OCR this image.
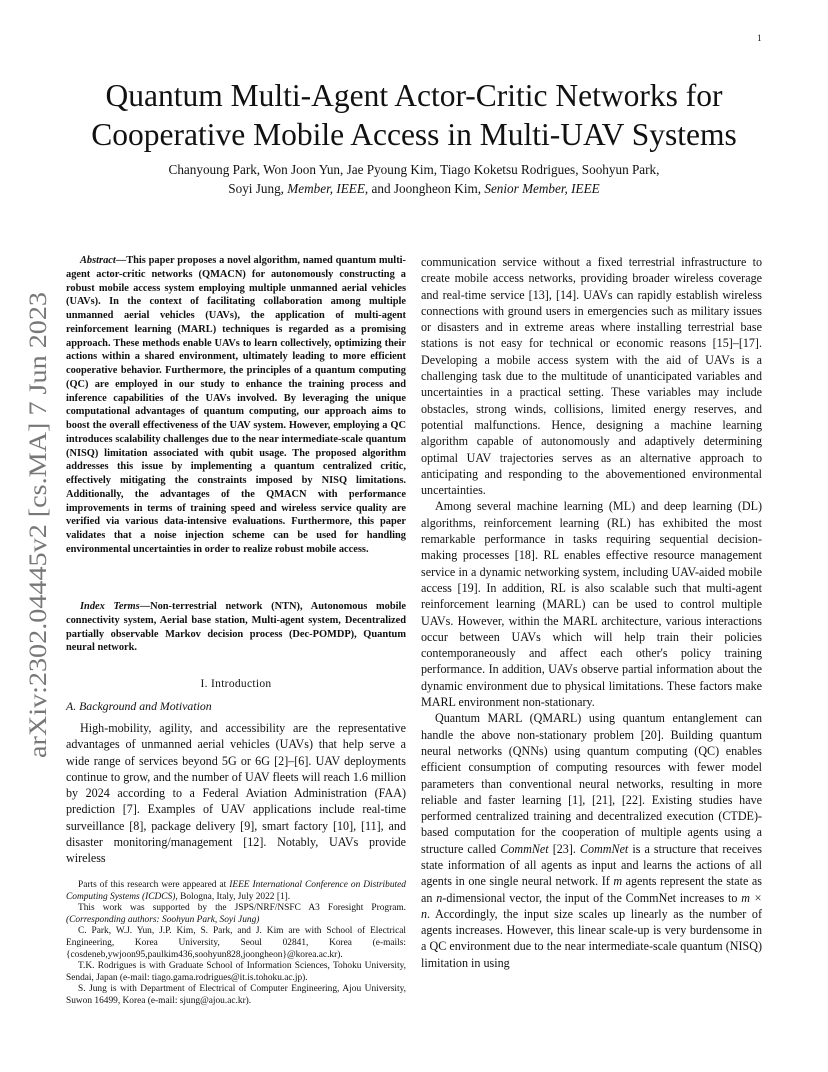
1
arXiv:2302.04445v2 [cs.MA] 7 Jun 2023
Quantum Multi-Agent Actor-Critic Networks for
Cooperative Mobile Access in Multi-UAV Systems
Chanyoung Park, Won Joon Yun, Jae Pyoung Kim, Tiago Koketsu Rodrigues, Soohyun Park,
Soyi Jung, Member, IEEE, and Joongheon Kim, Senior Member, IEEE

Abstract—This paper proposes a novel algorithm, named quantum multi-agent actor-critic networks (QMACN) for autonomously constructing a robust mobile access system employing multiple unmanned aerial vehicles (UAVs). In the context of facilitating collaboration among multiple unmanned aerial vehicles (UAVs), the application of multi-agent reinforcement learning (MARL) techniques is regarded as a promising approach. These methods enable UAVs to learn collectively, optimizing their actions within a shared environment, ultimately leading to more efficient cooperative behavior. Furthermore, the principles of a quantum computing (QC) are employed in our study to enhance the training process and inference capabilities of the UAVs involved. By leveraging the unique computational advantages of quantum computing, our approach aims to boost the overall effectiveness of the UAV system. However, employing a QC introduces scalability challenges due to the near intermediate-scale quantum (NISQ) limitation associated with qubit usage. The proposed algorithm addresses this issue by implementing a quantum centralized critic, effectively mitigating the constraints imposed by NISQ limitations. Additionally, the advantages of the QMACN with performance improvements in terms of training speed and wireless service quality are verified via various data-intensive evaluations. Furthermore, this paper validates that a noise injection scheme can be used for handling environmental uncertainties in order to realize robust mobile access.

Index Terms—Non-terrestrial network (NTN), Autonomous mobile connectivity system, Aerial base station, Multi-agent system, Decentralized partially observable Markov decision process (Dec-POMDP), Quantum neural network.

I. Introduction
A. Background and Motivation

High-mobility, agility, and accessibility are the representative advantages of unmanned aerial vehicles (UAVs) that help serve a wide range of services beyond 5G or 6G [2]–[6]. UAV deployments continue to grow, and the number of UAV fleets will reach 1.6 million by 2024 according to a Federal Aviation Administration (FAA) prediction [7]. Examples of UAV applications include real-time surveillance [8], package delivery [9], smart factory [10], [11], and disaster monitoring/management [12]. Notably, UAVs provide wireless

Parts of this research were appeared at IEEE International Conference on Distributed Computing Systems (ICDCS), Bologna, Italy, July 2022 [1].

This work was supported by the JSPS/NRF/NSFC A3 Foresight Program. (Corresponding authors: Soohyun Park, Soyi Jung)

C. Park, W.J. Yun, J.P. Kim, S. Park, and J. Kim are with School of Electrical Engineering, Korea University, Seoul 02841, Korea (e-mails: {cosdeneb,ywjoon95,paulkim436,soohyun828,joongheon}@korea.ac.kr).

T.K. Rodrigues is with Graduate School of Information Sciences, Tohoku University, Sendai, Japan (e-mail: tiago.gama.rodrigues@it.is.tohoku.ac.jp).

S. Jung is with Department of Electrical of Computer Engineering, Ajou University, Suwon 16499, Korea (e-mail: sjung@ajou.ac.kr).

communication service without a fixed terrestrial infrastructure to create mobile access networks, providing broader wireless coverage and real-time service [13], [14]. UAVs can rapidly establish wireless connections with ground users in emergencies such as military issues or disasters and in extreme areas where installing terrestrial base stations is not easy for technical or economic reasons [15]–[17]. Developing a mobile access system with the aid of UAVs is a challenging task due to the multitude of unanticipated variables and uncertainties in a practical setting. These variables may include obstacles, strong winds, collisions, limited energy reserves, and potential malfunctions. Hence, designing a machine learning algorithm capable of autonomously and adaptively determining optimal UAV trajectories serves as an alternative approach to anticipating and responding to the abovementioned environmental uncertainties.

Among several machine learning (ML) and deep learning (DL) algorithms, reinforcement learning (RL) has exhibited the most remarkable performance in tasks requiring sequential decision-making processes [18]. RL enables effective resource management service in a dynamic networking system, including UAV-aided mobile access [19]. In addition, RL is also scalable such that multi-agent reinforcement learning (MARL) can be used to control multiple UAVs. However, within the MARL architecture, various interactions occur between UAVs which will help train their policies contemporaneously and affect each other's policy training performance. In addition, UAVs observe partial information about the dynamic environment due to physical limitations. These factors make MARL environment non-stationary.

Quantum MARL (QMARL) using quantum entanglement can handle the above non-stationary problem [20]. Building quantum neural networks (QNNs) using quantum computing (QC) enables efficient consumption of computing resources with fewer model parameters than conventional neural networks, resulting in more reliable and faster learning [1], [21], [22]. Existing studies have performed centralized training and decentralized execution (CTDE)-based computation for the cooperation of multiple agents using a structure called CommNet [23]. CommNet is a structure that receives state information of all agents as input and learns the actions of all agents in one single neural network. If m agents represent the state as an n-dimensional vector, the input of the CommNet increases to m × n. Accordingly, the input size scales up linearly as the number of agents increases. However, this linear scale-up is very burdensome in a QC environment due to the near intermediate-scale quantum (NISQ) limitation in using
